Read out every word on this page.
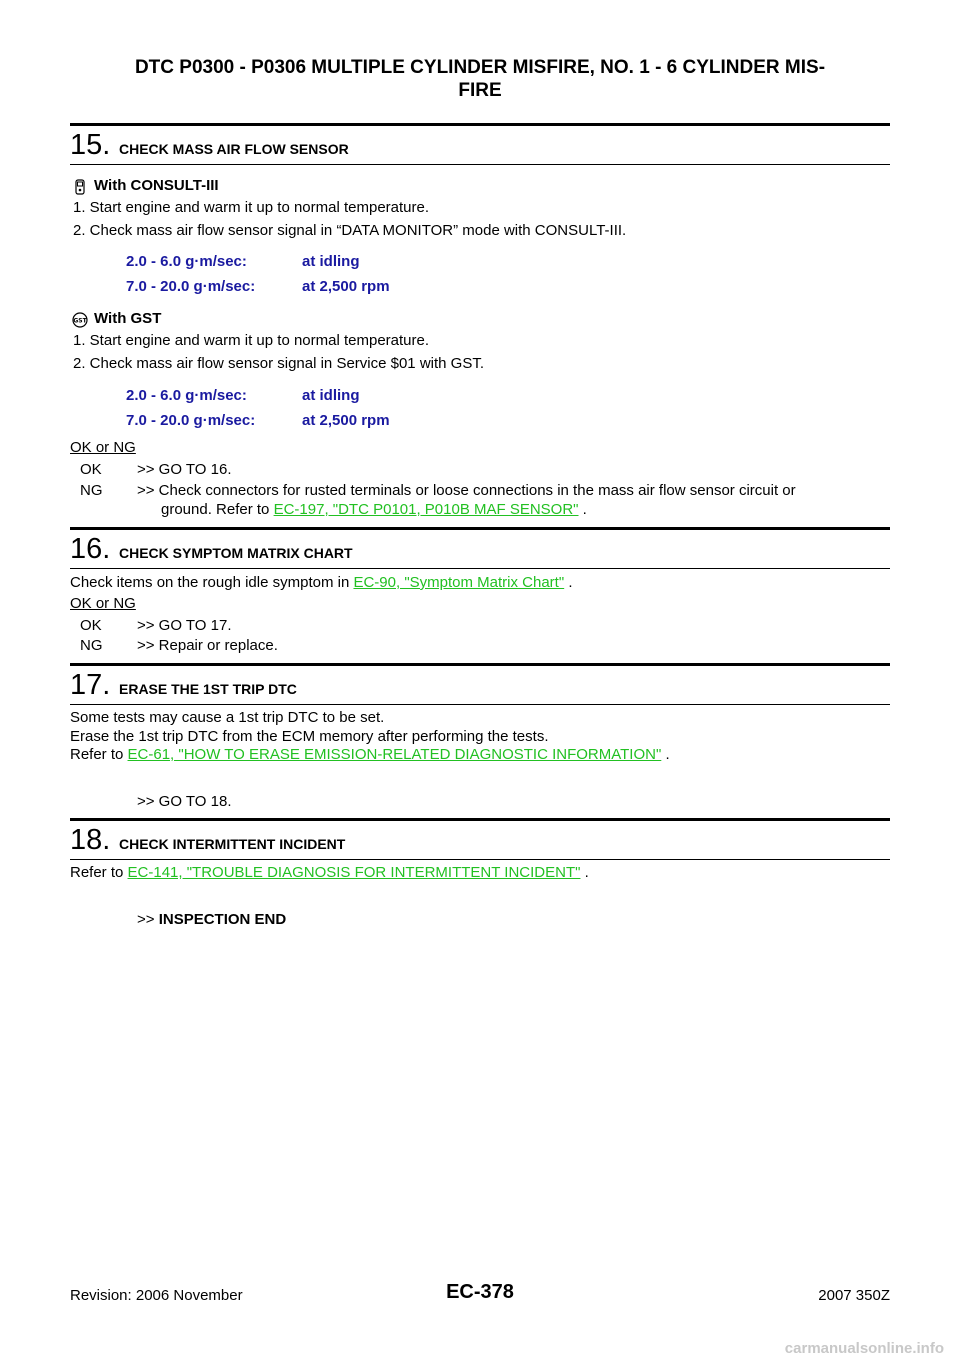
DTC P0300 - P0306 MULTIPLE CYLINDER MISFIRE, NO. 1 - 6 CYLINDER MIS-
FIRE
15. CHECK MASS AIR FLOW SENSOR
With CONSULT-III
1. Start engine and warm it up to normal temperature.
2. Check mass air flow sensor signal in “DATA MONITOR” mode with CONSULT-III.
2.0 - 6.0 g·m/sec:	at idling
7.0 - 20.0 g·m/sec:	at 2,500 rpm
GST With GST
1. Start engine and warm it up to normal temperature.
2. Check mass air flow sensor signal in Service $01 with GST.
2.0 - 6.0 g·m/sec:	at idling
7.0 - 20.0 g·m/sec:	at 2,500 rpm
OK or NG
OK >> GO TO 16.
NG >> Check connectors for rusted terminals or loose connections in the mass air flow sensor circuit or
ground. Refer to EC-197, "DTC P0101, P010B MAF SENSOR" .
16. CHECK SYMPTOM MATRIX CHART
Check items on the rough idle symptom in EC-90, "Symptom Matrix Chart" .
OK or NG
OK >> GO TO 17.
NG >> Repair or replace.
17. ERASE THE 1ST TRIP DTC
Some tests may cause a 1st trip DTC to be set.
Erase the 1st trip DTC from the ECM memory after performing the tests.
Refer to EC-61, "HOW TO ERASE EMISSION-RELATED DIAGNOSTIC INFORMATION" .
>> GO TO 18.
18. CHECK INTERMITTENT INCIDENT
Refer to EC-141, "TROUBLE DIAGNOSIS FOR INTERMITTENT INCIDENT" .
>> INSPECTION END
Revision: 2006 November	EC-378	2007 350Z
carmanualsonline.info
